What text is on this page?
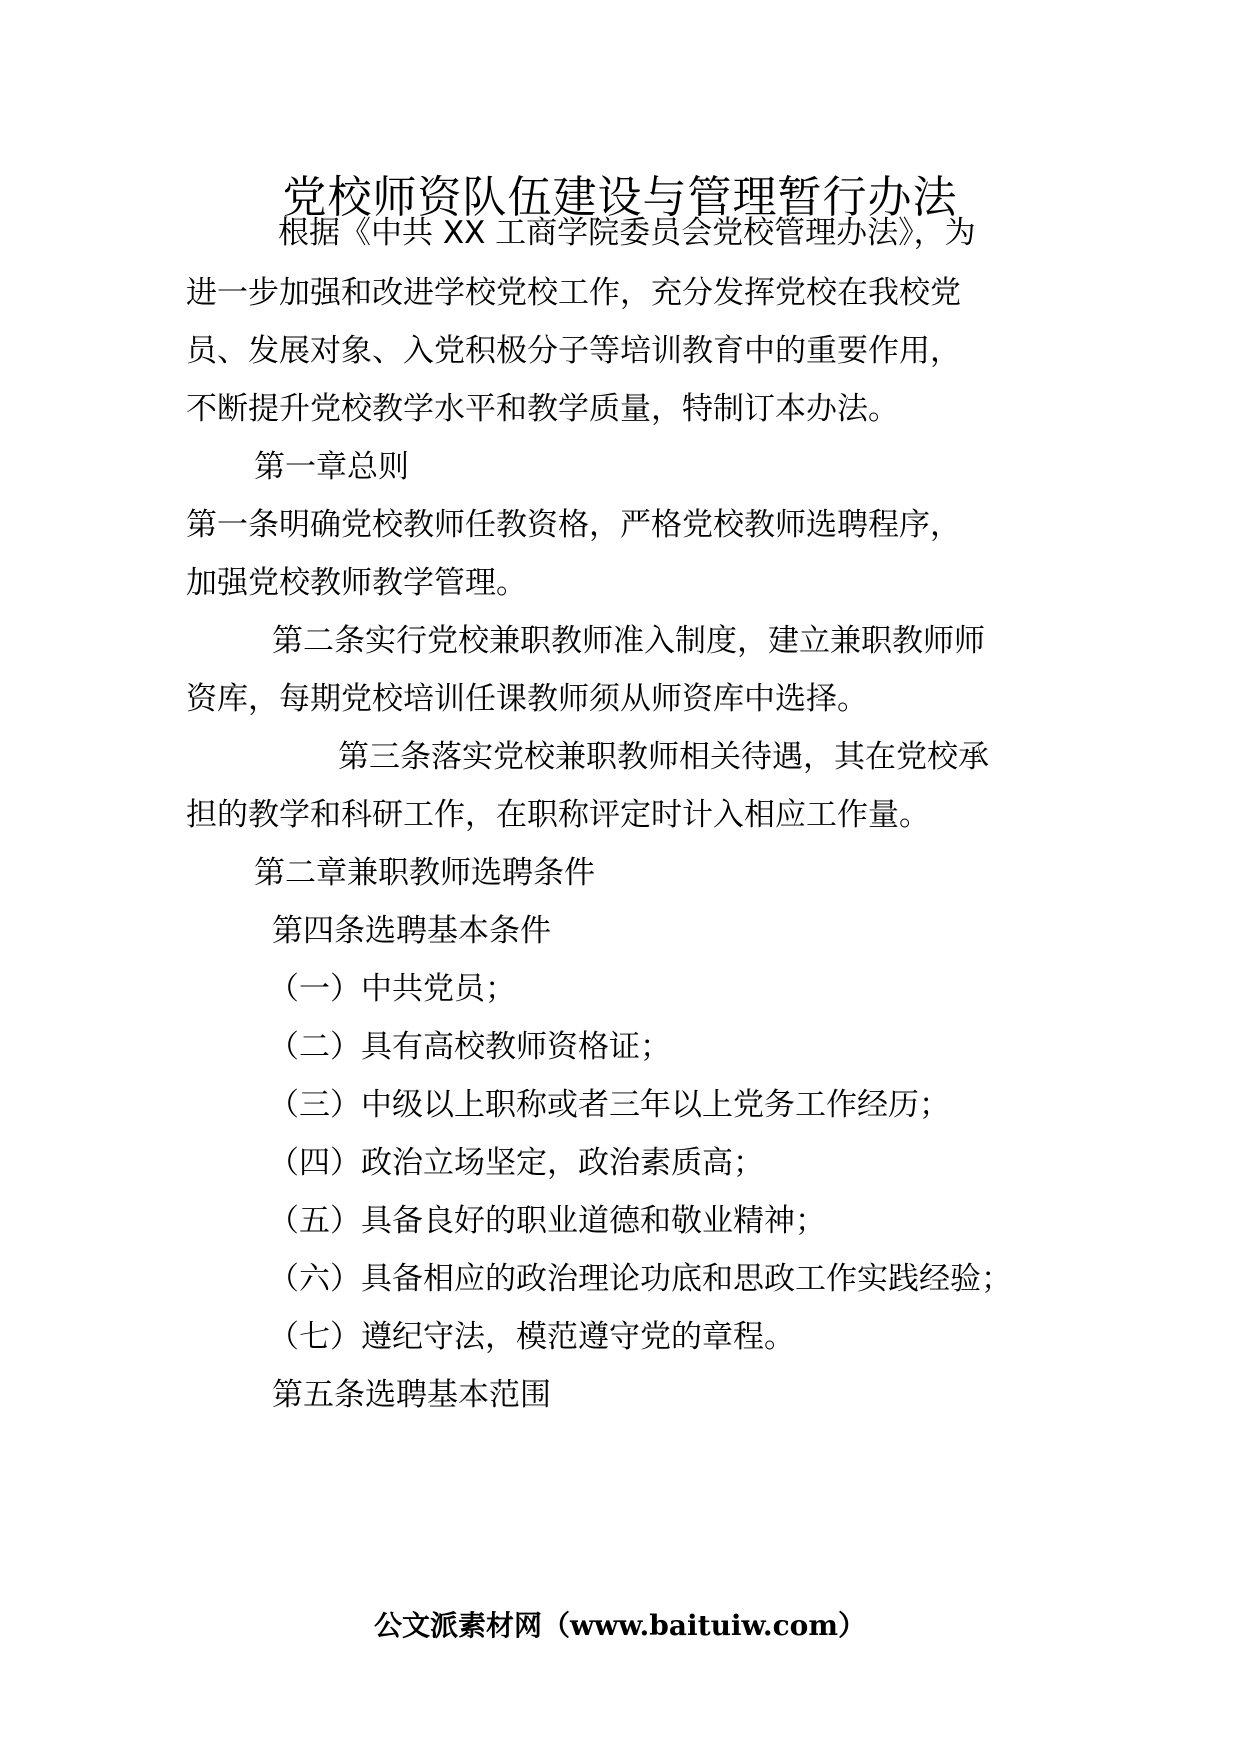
党校师资队伍建设与管理暂行办法
根据《中共 XX 工商学院委员会党校管理办法》，为
进一步加强和改进学校党校工作，充分发挥党校在我校党
员、发展对象、入党积极分子等培训教育中的重要作用，
不断提升党校教学水平和教学质量，特制订本办法。
第一章总则
第一条明确党校教师任教资格，严格党校教师选聘程序，
加强党校教师教学管理。
第二条实行党校兼职教师准入制度，建立兼职教师师
资库，每期党校培训任课教师须从师资库中选择。
第三条落实党校兼职教师相关待遇，其在党校承
担的教学和科研工作，在职称评定时计入相应工作量。
第二章兼职教师选聘条件
第四条选聘基本条件
（一）中共党员；
（二）具有高校教师资格证；
（三）中级以上职称或者三年以上党务工作经历；
（四）政治立场坚定，政治素质高；
（五）具备良好的职业道德和敬业精神；
（六）具备相应的政治理论功底和思政工作实践经验；
（七）遵纪守法，模范遵守党的章程。
第五条选聘基本范围
公文派素材网（www.baituiw.com）
